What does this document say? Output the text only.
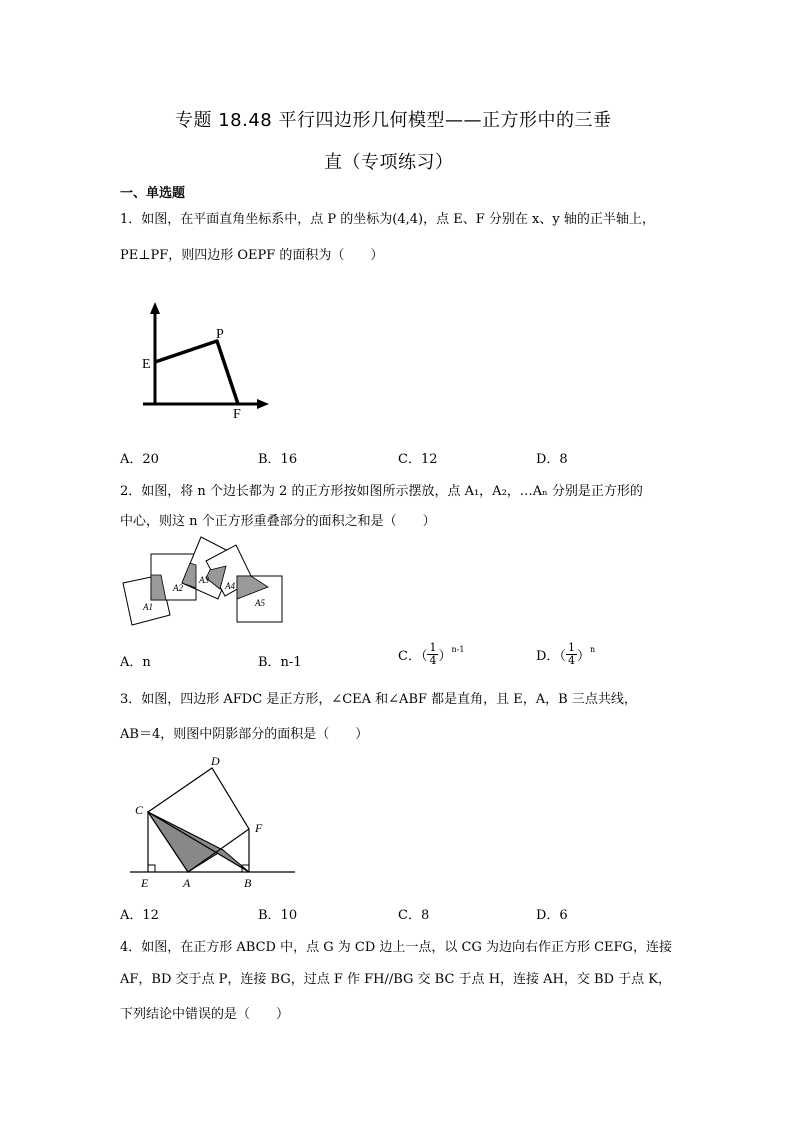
专题 18.48 平行四边形几何模型——正方形中的三垂
直（专项练习）
一、单选题
1．如图，在平面直角坐标系中，点 P 的坐标为(4,4)，点 E、F 分别在 x、y 轴的正半轴上，
PE⊥PF，则四边形 OEPF 的面积为（　　）
E
P
F
A．20	B．16	C．12	D．8
2．如图，将 n 个边长都为 2 的正方形按如图所示摆放，点 A₁，A₂，…Aₙ 分别是正方形的
中心，则这 n 个正方形重叠部分的面积之和是（　　）
A1
A2
A3
A4
A5
A．n	B．n-1	C．（ $\frac{1}{4} )^{n-1}$	D．（ $\frac{1}{4} )^n$
3．如图，四边形 AFDC 是正方形，∠CEA 和∠ABF 都是直角，且 E，A，B 三点共线，
AB＝4，则图中阴影部分的面积是（　　）
D
C
F
E	A	B
A．12	B．10	C．8	D．6
4．如图，在正方形 ABCD 中，点 G 为 CD 边上一点，以 CG 为边向右作正方形 CEFG，连接
AF，BD 交于点 P，连接 BG，过点 F 作 FH//BG 交 BC 于点 H，连接 AH，交 BD 于点 K，
下列结论中错误的是（　　）
